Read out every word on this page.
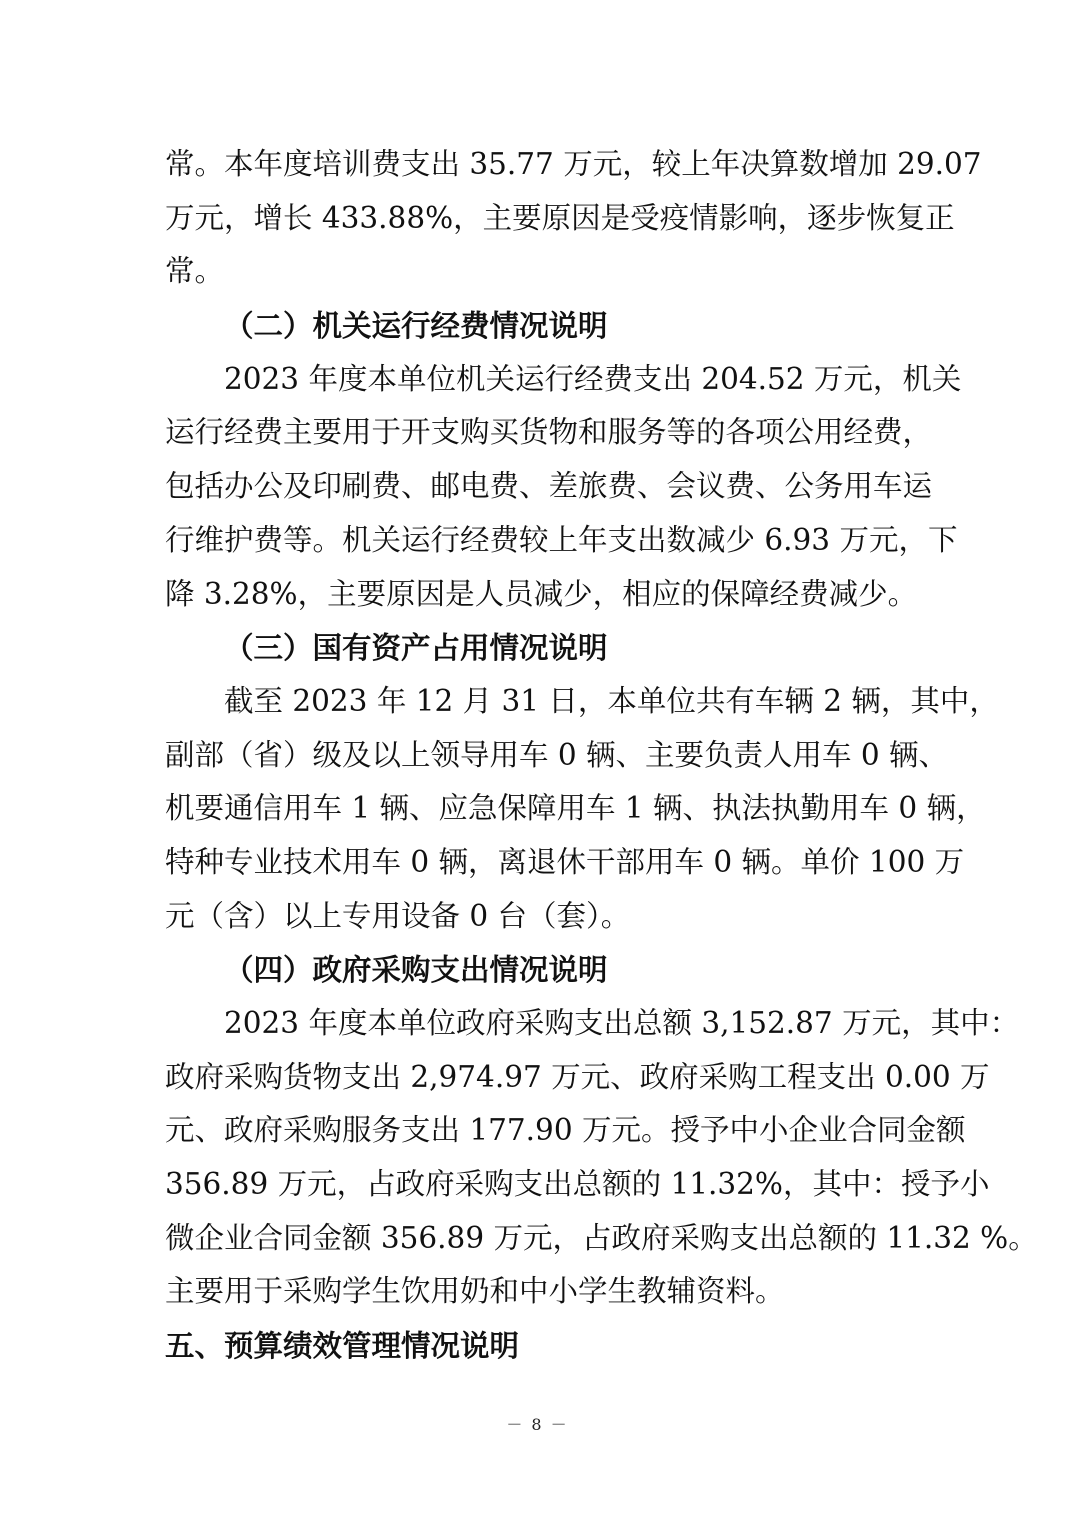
常。本年度培训费支出 35.77 万元，较上年决算数增加 29.07
万元，增长 433.88%，主要原因是受疫情影响，逐步恢复正
常。
（二）机关运行经费情况说明
2023 年度本单位机关运行经费支出 204.52 万元，机关
运行经费主要用于开支购买货物和服务等的各项公用经费，
包括办公及印刷费、邮电费、差旅费、会议费、公务用车运
行维护费等。机关运行经费较上年支出数减少 6.93 万元，下
降 3.28%，主要原因是人员减少，相应的保障经费减少。
（三）国有资产占用情况说明
截至 2023 年 12 月 31 日，本单位共有车辆 2 辆，其中，
副部（省）级及以上领导用车 0 辆、主要负责人用车 0 辆、
机要通信用车 1 辆、应急保障用车 1 辆、执法执勤用车 0 辆，
特种专业技术用车 0 辆，离退休干部用车 0 辆。单价 100 万
元（含）以上专用设备 0 台（套）。
（四）政府采购支出情况说明
2023 年度本单位政府采购支出总额 3,152.87 万元，其中：
政府采购货物支出 2,974.97 万元、政府采购工程支出 0.00 万
元、政府采购服务支出 177.90 万元。授予中小企业合同金额
356.89 万元，占政府采购支出总额的 11.32%，其中：授予小
微企业合同金额 356.89 万元，占政府采购支出总额的 11.32 %。
主要用于采购学生饮用奶和中小学生教辅资料。
五、预算绩效管理情况说明
－ 8 －
